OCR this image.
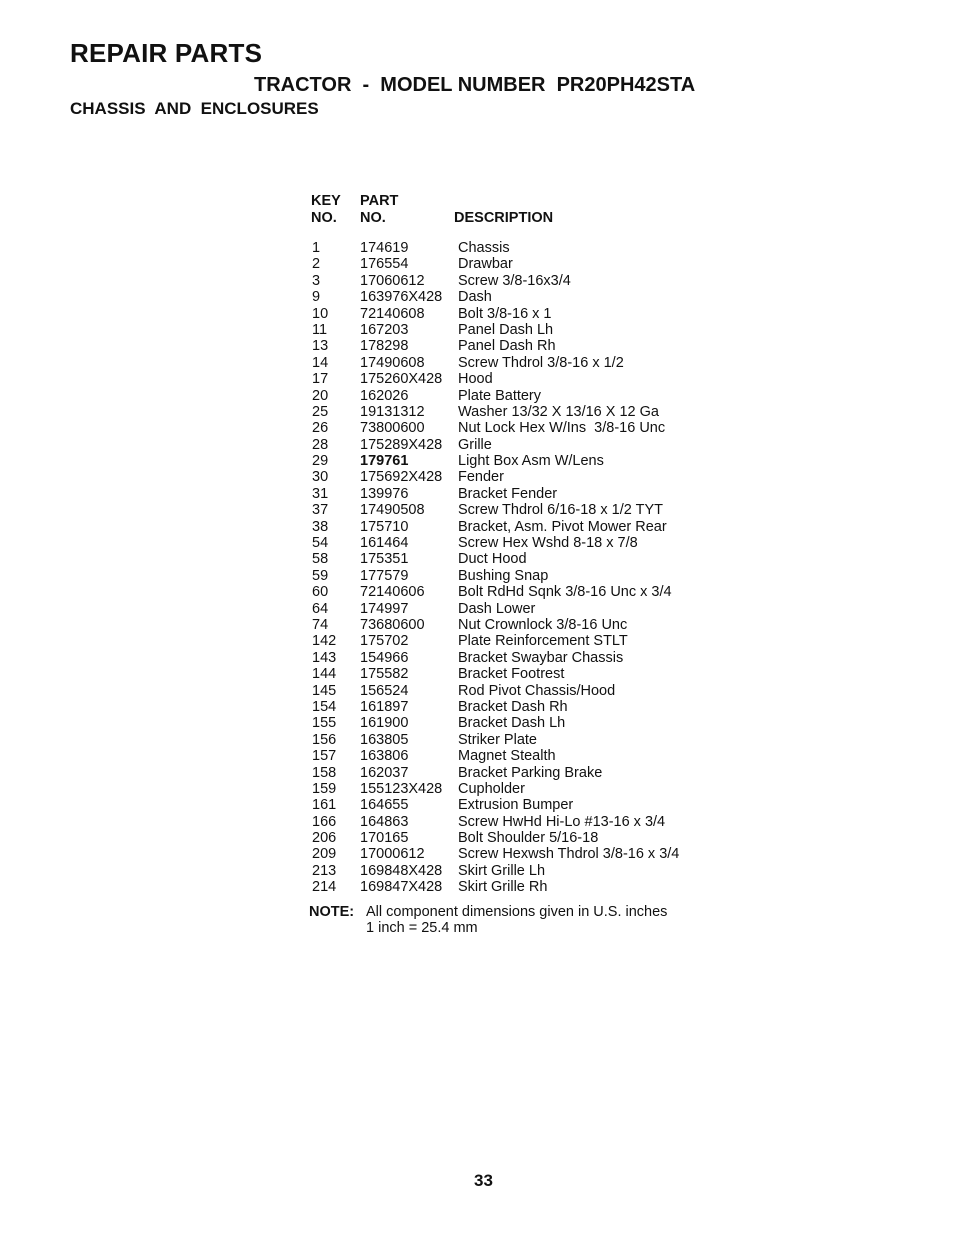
REPAIR PARTS
TRACTOR  -  MODEL NUMBER  PR20PH42STA
CHASSIS  AND  ENCLOSURES
KEY
NO.
PART
NO.	DESCRIPTION
1	174619	Chassis
2	176554	Drawbar
3	17060612 Screw 3/8-16x3/4
9	163976X428 Dash
10 72140608 Bolt 3/8-16 x 1
11 167203	Panel Dash Lh
13 178298	Panel Dash Rh
14 17490608 Screw Thdrol 3/8-16 x 1/2
17 175260X428 Hood
20 162026	Plate Battery
25 19131312 Washer 13/32 X 13/16 X 12 Ga
26 73800600 Nut Lock Hex W/Ins  3/8-16 Unc
28 175289X428 Grille
29 179761	Light Box Asm W/Lens
30 175692X428 Fender
31 139976	Bracket Fender
37 17490508 Screw Thdrol 6/16-18 x 1/2 TYT
38 175710	Bracket, Asm. Pivot Mower Rear
54 161464	Screw Hex Wshd 8-18 x 7/8
58 175351	Duct Hood
59 177579	Bushing Snap
60 72140606 Bolt RdHd Sqnk 3/8-16 Unc x 3/4
64 174997	Dash Lower
74 73680600 Nut Crownlock 3/8-16 Unc
142 175702	Plate Reinforcement STLT
143 154966	Bracket Swaybar Chassis
144 175582	Bracket Footrest
145 156524	Rod Pivot Chassis/Hood
154 161897	Bracket Dash Rh
155 161900	Bracket Dash Lh
156 163805	Striker Plate
157 163806	Magnet Stealth
158 162037	Bracket Parking Brake
159 155123X428 Cupholder
161 164655	Extrusion Bumper
166 164863	Screw HwHd Hi-Lo #13-16 x 3/4
206 170165	Bolt Shoulder 5/16-18
209 17000612 Screw Hexwsh Thdrol 3/8-16 x 3/4
213 169848X428 Skirt Grille Lh
214 169847X428 Skirt Grille Rh
NOTE: All component dimensions given in U.S. inches
1 inch = 25.4 mm
33
